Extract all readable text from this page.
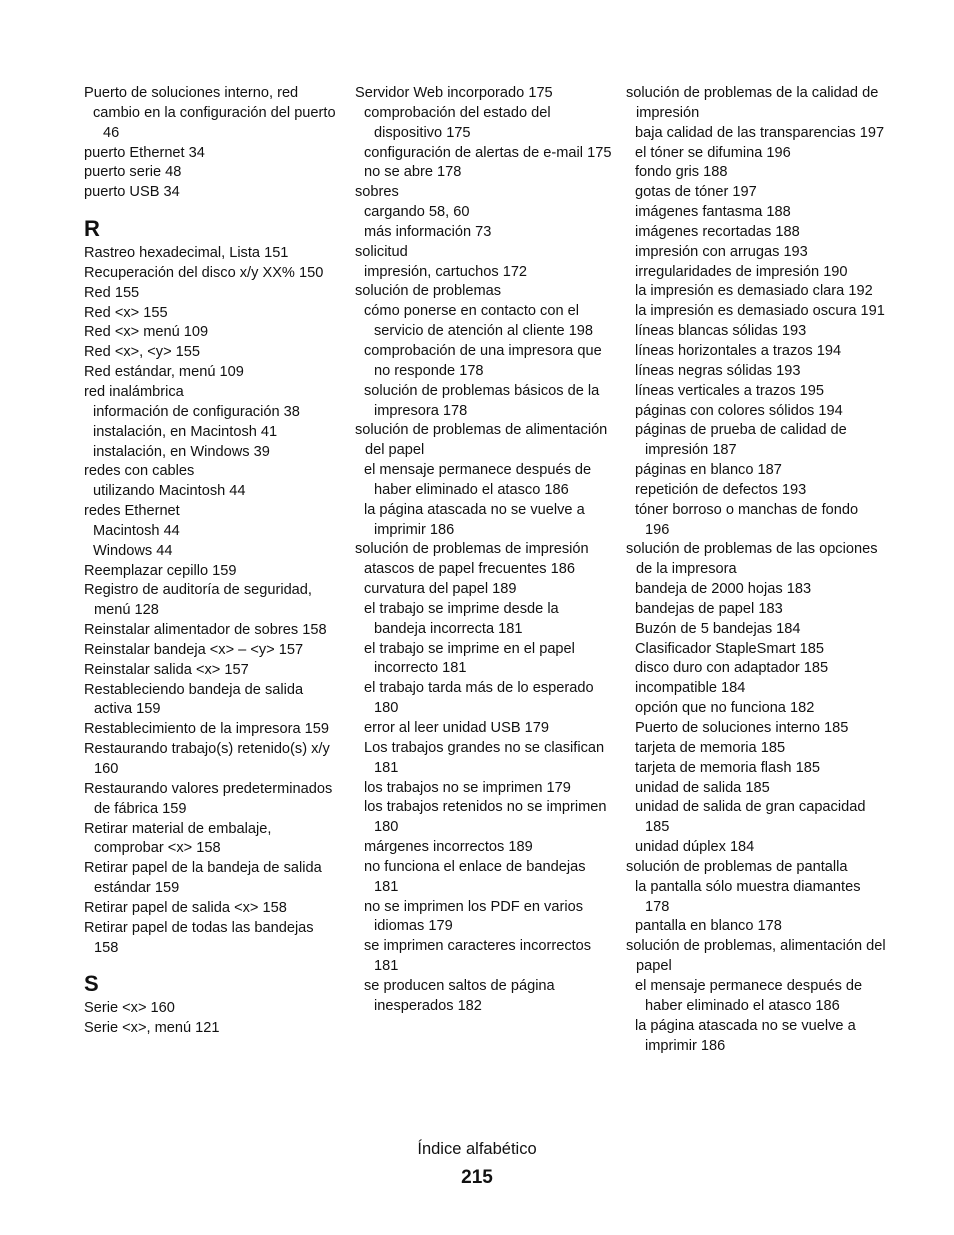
Puerto de soluciones interno, red
cambio en la configuración del puerto 46
puerto Ethernet 34
puerto serie 48
puerto USB 34
R
Rastreo hexadecimal, Lista 151
Recuperación del disco x/y XX% 150
Red 155
Red <x> 155
Red <x> menú 109
Red <x>, <y> 155
Red estándar, menú 109
red inalámbrica
información de configuración 38
instalación, en Macintosh 41
instalación, en Windows 39
redes con cables
utilizando Macintosh 44
redes Ethernet
Macintosh 44
Windows 44
Reemplazar cepillo 159
Registro de auditoría de seguridad, menú 128
Reinstalar alimentador de sobres 158
Reinstalar bandeja <x> – <y> 157
Reinstalar salida <x> 157
Restableciendo bandeja de salida activa 159
Restablecimiento de la impresora 159
Restaurando trabajo(s) retenido(s) x/y 160
Restaurando valores predeterminados de fábrica 159
Retirar material de embalaje, comprobar <x> 158
Retirar papel de la bandeja de salida estándar 159
Retirar papel de salida <x> 158
Retirar papel de todas las bandejas 158
S
Serie <x> 160
Serie <x>, menú 121
Servidor Web incorporado 175
comprobación del estado del dispositivo 175
configuración de alertas de e-mail 175
no se abre 178
sobres
cargando 58, 60
más información 73
solicitud
impresión, cartuchos 172
solución de problemas
cómo ponerse en contacto con el servicio de atención al cliente 198
comprobación de una impresora que no responde 178
solución de problemas básicos de la impresora 178
solución de problemas de alimentación del papel
el mensaje permanece después de haber eliminado el atasco 186
la página atascada no se vuelve a imprimir 186
solución de problemas de impresión
atascos de papel frecuentes 186
curvatura del papel 189
el trabajo se imprime desde la bandeja incorrecta 181
el trabajo se imprime en el papel incorrecto 181
el trabajo tarda más de lo esperado 180
error al leer unidad USB 179
Los trabajos grandes no se clasifican 181
los trabajos no se imprimen 179
los trabajos retenidos no se imprimen 180
márgenes incorrectos 189
no funciona el enlace de bandejas 181
no se imprimen los PDF en varios idiomas 179
se imprimen caracteres incorrectos 181
se producen saltos de página inesperados 182
solución de problemas de la calidad de impresión
baja calidad de las transparencias 197
el tóner se difumina 196
fondo gris 188
gotas de tóner 197
imágenes fantasma 188
imágenes recortadas 188
impresión con arrugas 193
irregularidades de impresión 190
la impresión es demasiado clara 192
la impresión es demasiado oscura 191
líneas blancas sólidas 193
líneas horizontales a trazos 194
líneas negras sólidas 193
líneas verticales a trazos 195
páginas con colores sólidos 194
páginas de prueba de calidad de impresión 187
páginas en blanco 187
repetición de defectos 193
tóner borroso o manchas de fondo 196
solución de problemas de las opciones de la impresora
bandeja de 2000 hojas 183
bandejas de papel 183
Buzón de 5 bandejas 184
Clasificador StapleSmart 185
disco duro con adaptador 185
incompatible 184
opción que no funciona 182
Puerto de soluciones interno 185
tarjeta de memoria 185
tarjeta de memoria flash 185
unidad de salida 185
unidad de salida de gran capacidad 185
unidad dúplex 184
solución de problemas de pantalla
la pantalla sólo muestra diamantes 178
pantalla en blanco 178
solución de problemas, alimentación del papel
el mensaje permanece después de haber eliminado el atasco 186
la página atascada no se vuelve a imprimir 186
Índice alfabético
215
